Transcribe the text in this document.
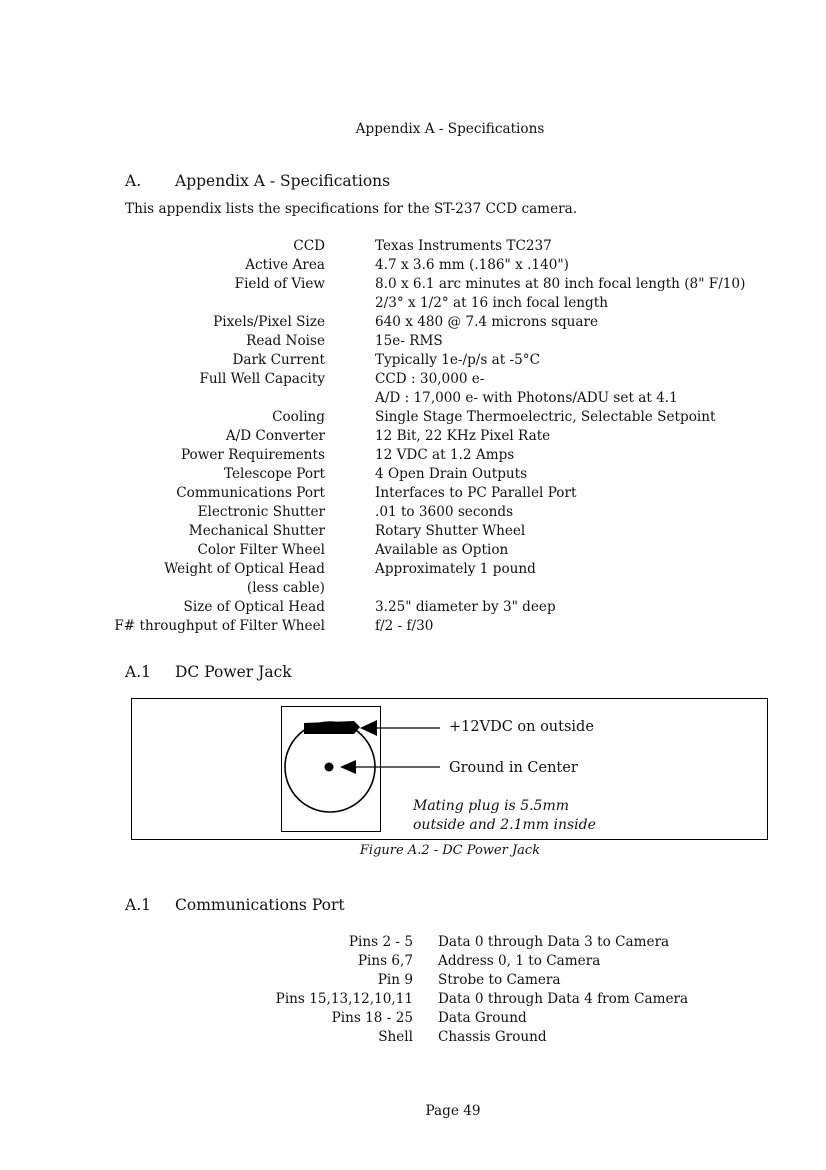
Appendix A - Specifications
A. Appendix A - Specifications
This appendix lists the specifications for the ST-237 CCD camera.
CCD	Texas Instruments TC237
Active Area	4.7 x 3.6 mm (.186" x .140")
Field of View	8.0 x 6.1 arc minutes at 80 inch focal length (8" F/10)
2/3° x 1/2° at 16 inch focal length
Pixels/Pixel Size	640 x 480 @ 7.4 microns square
Read Noise	15e- RMS
Dark Current	Typically 1e-/p/s at -5°C
Full Well Capacity	CCD : 30,000 e-
A/D : 17,000 e- with Photons/ADU set at 4.1
Cooling	Single Stage Thermoelectric, Selectable Setpoint
A/D Converter	12 Bit, 22 KHz Pixel Rate
Power Requirements	12 VDC at 1.2 Amps
Telescope Port	4 Open Drain Outputs
Communications Port	Interfaces to PC Parallel Port
Electronic Shutter	.01 to 3600 seconds
Mechanical Shutter	Rotary Shutter Wheel
Color Filter Wheel	Available as Option
Weight of Optical Head	Approximately 1 pound
(less cable)
Size of Optical Head	3.25" diameter by 3" deep
F# throughput of Filter Wheel	f/2 - f/30
A.1 DC Power Jack
+12VDC on outside
Ground in Center
Mating plug is 5.5mm
outside and 2.1mm inside
Figure A.2 - DC Power Jack
A.1 Communications Port
Pins 2 - 5 Data 0 through Data 3 to Camera
Pins 6,7 Address 0, 1 to Camera
Pin 9 Strobe to Camera
Pins 15,13,12,10,11 Data 0 through Data 4 from Camera
Pins 18 - 25 Data Ground
Shell Chassis Ground
Page 49
